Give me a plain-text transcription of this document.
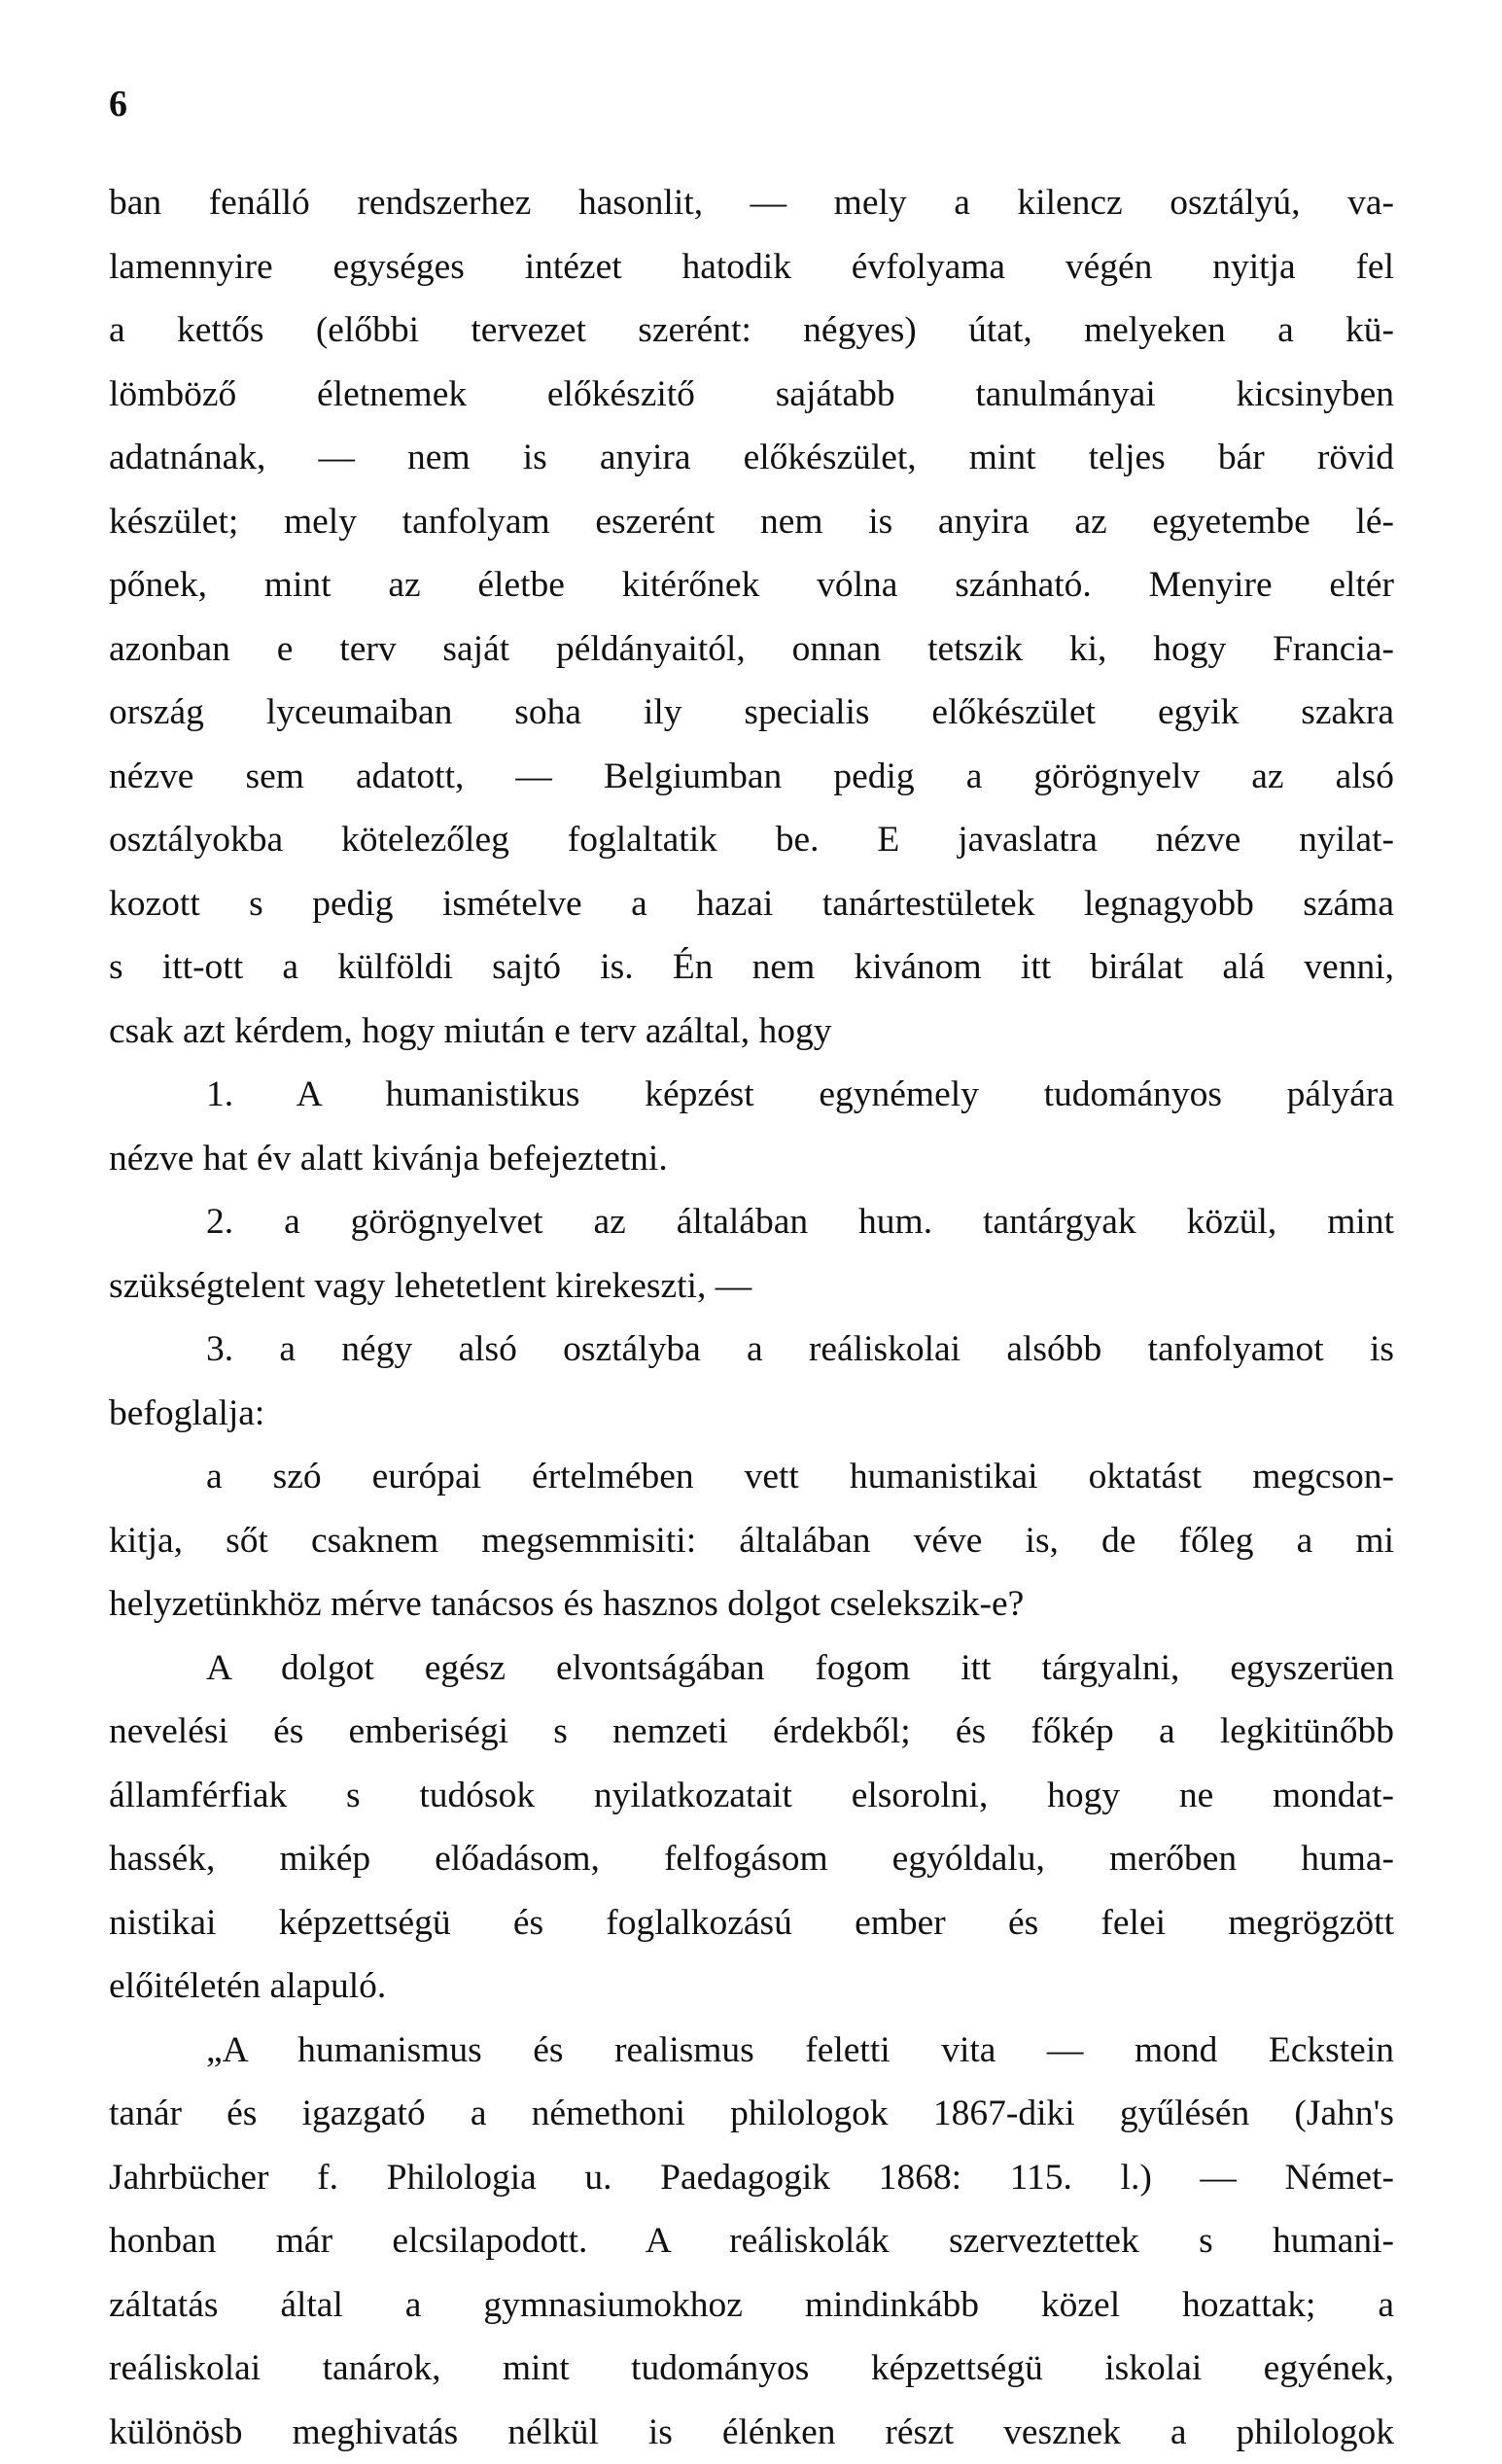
6
ban fenálló rendszerhez hasonlit, — mely a kilencz osztályú, va-
lamennyire egységes intézet hatodik évfolyama végén nyitja fel
a kettős (előbbi tervezet szerént: négyes) útat, melyeken a kü-
lömböző életnemek előkészitő sajátabb tanulmányai kicsinyben
adatnának, — nem is anyira előkészület, mint teljes bár rövid
készület; mely tanfolyam eszerént nem is anyira az egyetembe lé-
pőnek, mint az életbe kitérőnek vólna szánható. Menyire eltér
azonban e terv saját példányaitól, onnan tetszik ki, hogy Francia-
ország lyceumaiban soha ily specialis előkészület egyik szakra
nézve sem adatott, — Belgiumban pedig a görögnyelv az alsó
osztályokba kötelezőleg foglaltatik be. E javaslatra nézve nyilat-
kozott s pedig ismételve a hazai tanártestületek legnagyobb száma
s itt-ott a külföldi sajtó is. Én nem kivánom itt birálat alá venni,
csak azt kérdem, hogy miután e terv azáltal, hogy
1. A humanistikus képzést egynémely tudományos pályára
nézve hat év alatt kivánja befejeztetni.
2. a görögnyelvet az általában hum. tantárgyak közül, mint
szükségtelent vagy lehetetlent kirekeszti, —
3. a négy alsó osztályba a reáliskolai alsóbb tanfolyamot is
befoglalja:
a szó európai értelmében vett humanistikai oktatást megcson-
kitja, sőt csaknem megsemmisiti: általában véve is, de főleg a mi
helyzetünkhöz mérve tanácsos és hasznos dolgot cselekszik-e?
A dolgot egész elvontságában fogom itt tárgyalni, egyszerüen
nevelési és emberiségi s nemzeti érdekből; és főkép a legkitünőbb
államférfiak s tudósok nyilatkozatait elsorolni, hogy ne mondat-
hassék, mikép előadásom, felfogásom egyóldalu, merőben huma-
nistikai képzettségü és foglalkozású ember és felei megrögzött
előitéletén alapuló.
„A humanismus és realismus feletti vita — mond Eckstein
tanár és igazgató a némethoni philologok 1867-diki gyűlésén (Jahn's
Jahrbücher f. Philologia u. Paedagogik 1868: 115. l.) — Német-
honban már elcsilapodott. A reáliskolák szerveztettek s humani-
záltatás által a gymnasiumokhoz mindinkább közel hozattak; a
reáliskolai tanárok, mint tudományos képzettségü iskolai egyének,
különösb meghivatás nélkül is élénken részt vesznek a philologok
